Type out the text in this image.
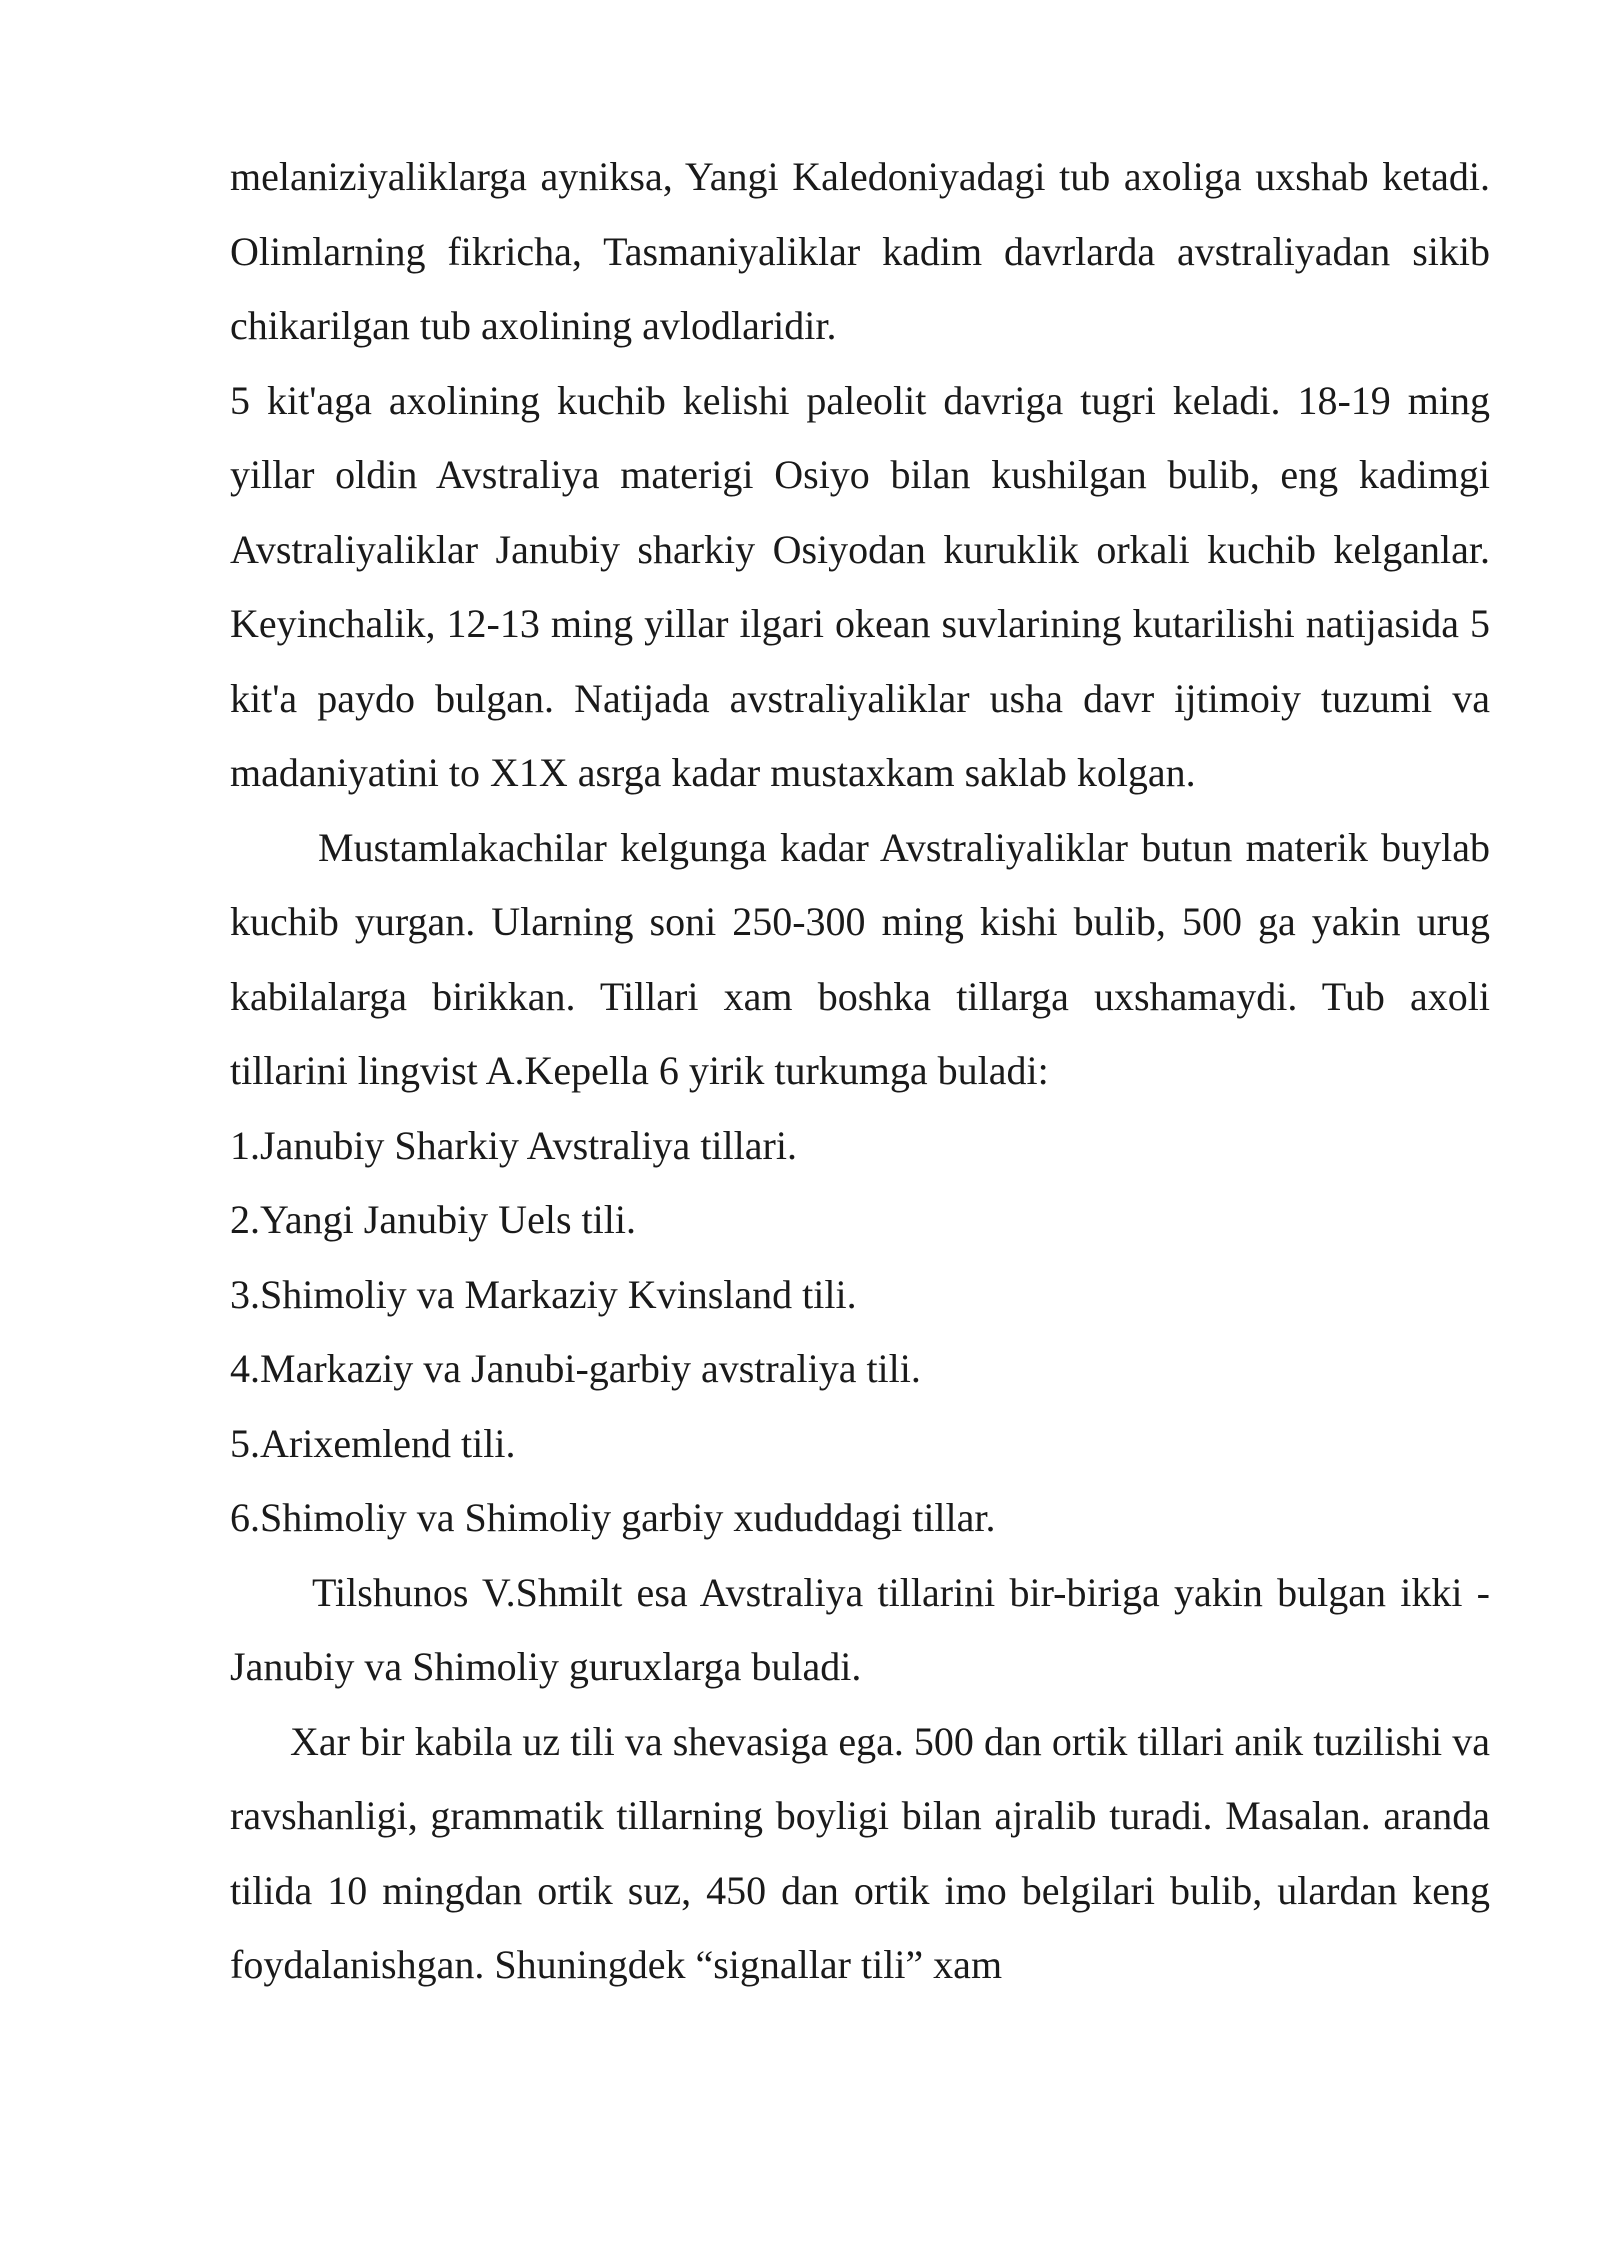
melaniziyaliklarga ayniksa, Yangi Kaledoniyadagi tub axoliga uxshab ketadi. Olimlarning fikricha, Tasmaniyaliklar kadim davrlarda avstraliyadan sikib chikarilgan tub axolining avlodlaridir.

5 kit'aga axolining kuchib kelishi paleolit davriga tugri keladi. 18-19 ming yillar oldin Avstraliya materigi Osiyo bilan kushilgan bulib, eng kadimgi Avstraliyaliklar Janubiy sharkiy Osiyodan kuruklik orkali kuchib kelganlar. Keyinchalik, 12-13 ming yillar ilgari okean suvlarining kutarilishi natijasida 5 kit'a paydo bulgan. Natijada avstraliyaliklar usha davr ijtimoiy tuzumi va madaniyatini to X1X asrga kadar mustaxkam saklab kolgan.

Mustamlakachilar kelgunga kadar Avstraliyaliklar butun materik buylab kuchib yurgan. Ularning soni 250-300 ming kishi bulib, 500 ga yakin urug kabilalarga birikkan. Tillari xam boshka tillarga uxshamaydi. Tub axoli tillarini lingvist A.Kepella 6 yirik turkumga buladi:

1.Janubiy Sharkiy Avstraliya tillari.

2.Yangi Janubiy Uels tili.

3.Shimoliy va Markaziy Kvinsland tili.

4.Markaziy va Janubi-garbiy avstraliya tili.

5.Arixemlend tili.

6.Shimoliy va Shimoliy garbiy xududdagi tillar.

Tilshunos V.Shmilt esa Avstraliya tillarini bir-biriga yakin bulgan ikki - Janubiy va Shimoliy guruxlarga buladi.

Xar bir kabila uz tili va shevasiga ega. 500 dan ortik tillari anik tuzilishi va ravshanligi, grammatik tillarning boyligi bilan ajralib turadi. Masalan. aranda tilida 10 mingdan ortik suz, 450 dan ortik imo belgilari bulib, ulardan keng foydalanishgan. Shuningdek “signallar tili” xam
